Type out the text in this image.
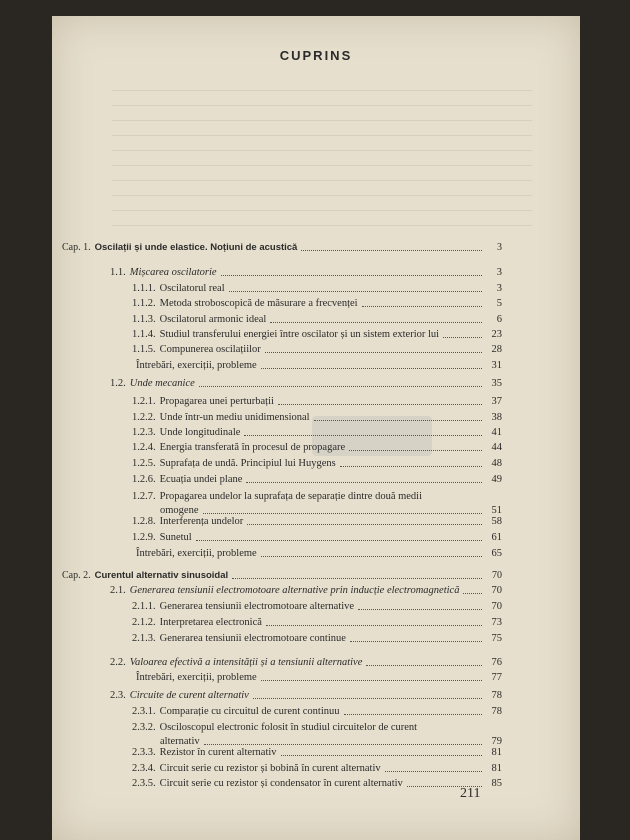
CUPRINS
Cap. 1. Oscilații și unde elastice. Noțiuni de acustică	3
1.1. Mișcarea oscilatorie	3
1.1.1. Oscilatorul real	3
1.1.2. Metoda stroboscopică de măsurare a frecvenței	5
1.1.3. Oscilatorul armonic ideal	6
1.1.4. Studiul transferului energiei între oscilator și un sistem exterior lui	23
1.1.5. Compunerea oscilațiilor	28
Întrebări, exerciții, probleme	31
1.2. Unde mecanice	35
1.2.1. Propagarea unei perturbații	37
1.2.2. Unde într-un mediu unidimensional	38
1.2.3. Unde longitudinale	41
1.2.4. Energia transferată în procesul de propagare	44
1.2.5. Suprafața de undă. Principiul lui Huygens	48
1.2.6. Ecuația undei plane	49
1.2.7. Propagarea undelor la suprafața de separație dintre două medii
omogene	51
1.2.8. Interferența undelor	58
1.2.9. Sunetul	61
Întrebări, exerciții, probleme	65
Cap. 2. Curentul alternativ sinusoidal	70
2.1. Generarea tensiunii electromotoare alternative prin inducție electromagnetică	70
2.1.1. Generarea tensiunii electromotoare alternative	70
2.1.2. Interpretarea electronică	73
2.1.3. Generarea tensiunii electromotoare continue	75
2.2. Valoarea efectivă a intensității și a tensiunii alternative	76
Întrebări, exerciții, probleme	77
2.3. Circuite de curent alternativ	78
2.3.1. Comparație cu circuitul de curent continuu	78
2.3.2. Osciloscopul electronic folosit în studiul circuitelor de curent
alternativ	79
2.3.3. Rezistor în curent alternativ	81
2.3.4. Circuit serie cu rezistor și bobină în curent alternativ	81
2.3.5. Circuit serie cu rezistor și condensator în curent alternativ	85
211
